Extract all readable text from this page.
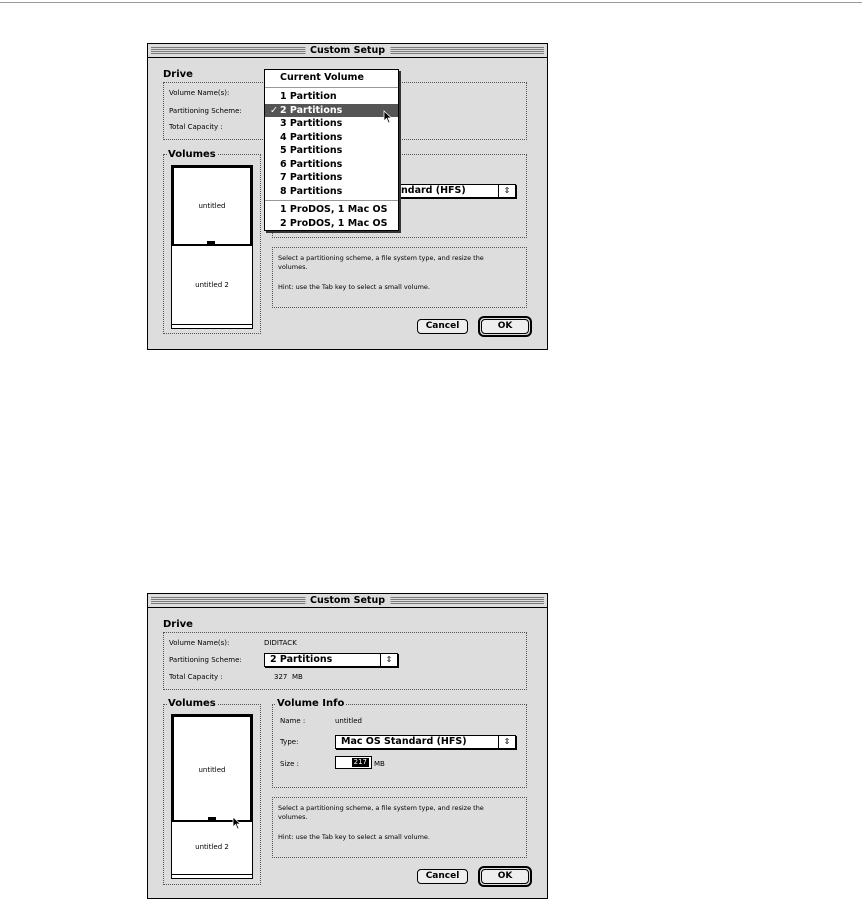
Custom Setup
Drive
Volume Name(s):
Partitioning Scheme:
Total Capacity :
Volumes
untitled
untitled 2
ndard (HFS)	⇕
Select a partitioning scheme, a file system type, and resize the
volumes.
Hint: use the Tab key to select a small volume.
Cancel	OK
Current Volume
1 Partition
✓ 2 Partitions
3 Partitions
4 Partitions
5 Partitions
6 Partitions
7 Partitions
8 Partitions
1 ProDOS, 1 Mac OS
2 ProDOS, 1 Mac OS
Custom Setup
Drive
Volume Name(s):	DIDITACK
Partitioning Scheme:	2 Partitions	⇕
Total Capacity :	327 MB
Volumes
untitled
untitled 2
Volume Info
Name :	untitled
Type:	Mac OS Standard (HFS)	⇕
Size :	217 MB
Select a partitioning scheme, a file system type, and resize the
volumes.
Hint: use the Tab key to select a small volume.
Cancel	OK
